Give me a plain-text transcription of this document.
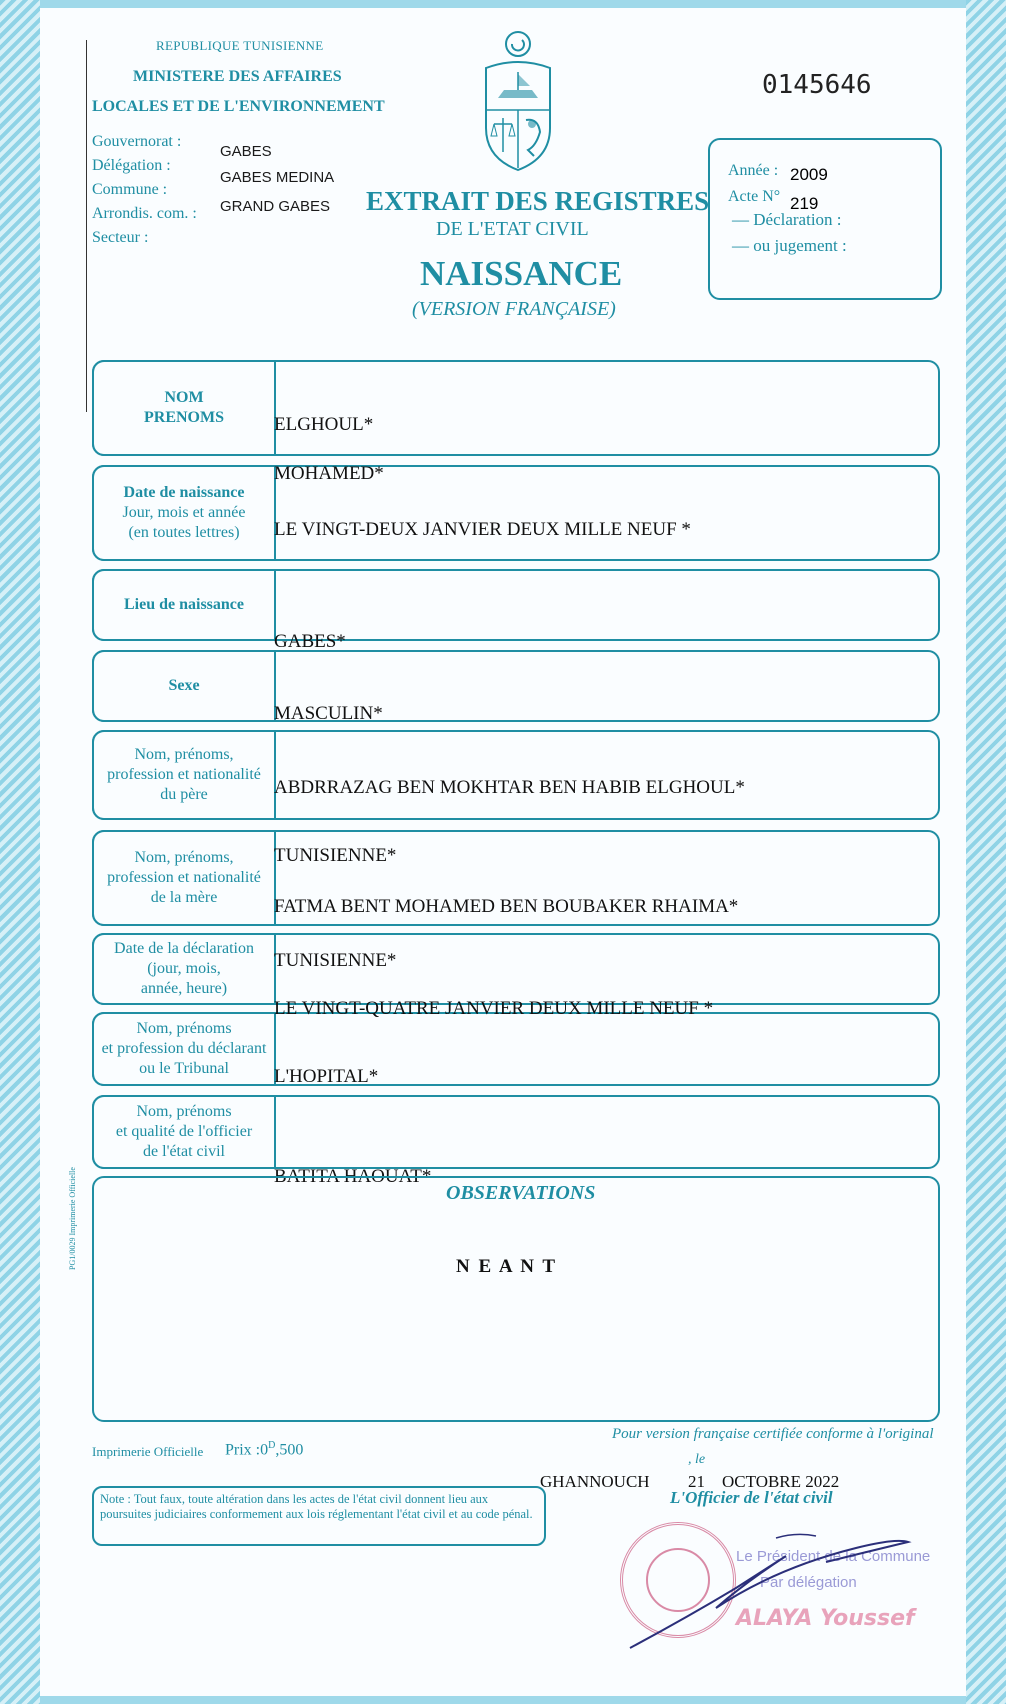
REPUBLIQUE TUNISIENNE
MINISTERE DES AFFAIRES
LOCALES ET DE L'ENVIRONNEMENT
Gouvernorat :
GABES
Délégation :
GABES MEDINA
Commune :
GRAND GABES
Arrondis. com. :
Secteur :
0145646
Année : 2009
Acte N° 219
— Déclaration :
— ou jugement :
EXTRAIT DES REGISTRES
DE L'ETAT CIVIL
NAISSANCE
(VERSION FRANÇAISE)
NOM
PRENOMS
Date de naissance
Jour, mois et année
(en toutes lettres)
Lieu de naissance
Sexe
Nom, prénoms,
profession et nationalité
du père
Nom, prénoms,
profession et nationalité
de la mère
Date de la déclaration
(jour, mois,
année, heure)
Nom, prénoms
et profession du déclarant
ou le Tribunal
Nom, prénoms
et qualité de l'officier
de l'état civil
ELGHOUL*
MOHAMED*
LE VINGT-DEUX JANVIER DEUX MILLE NEUF *
GABES*
MASCULIN*
ABDRRAZAG BEN MOKHTAR BEN HABIB ELGHOUL*
TUNISIENNE*
FATMA BENT MOHAMED BEN BOUBAKER RHAIMA*
TUNISIENNE*
LE VINGT-QUATRE JANVIER DEUX MILLE NEUF *
L'HOPITAL*
BATITA HAOUAT*
OBSERVATIONS
N E A N T
PG1/0029 Imprimerie Officielle
Imprimerie Officielle Prix $:0^D,500$
Pour version française certifiée conforme à l'original
GHANNOUCH
, le
21    OCTOBRE 2022
L'Officier de l'état civil
Note : Tout faux, toute altération dans les actes de l'état civil donnent lieu aux poursuites judiciaires conformement aux lois réglementant l'état civil et au code pénal.
Le Président de la Commune
Par délégation
ALAYA Youssef
